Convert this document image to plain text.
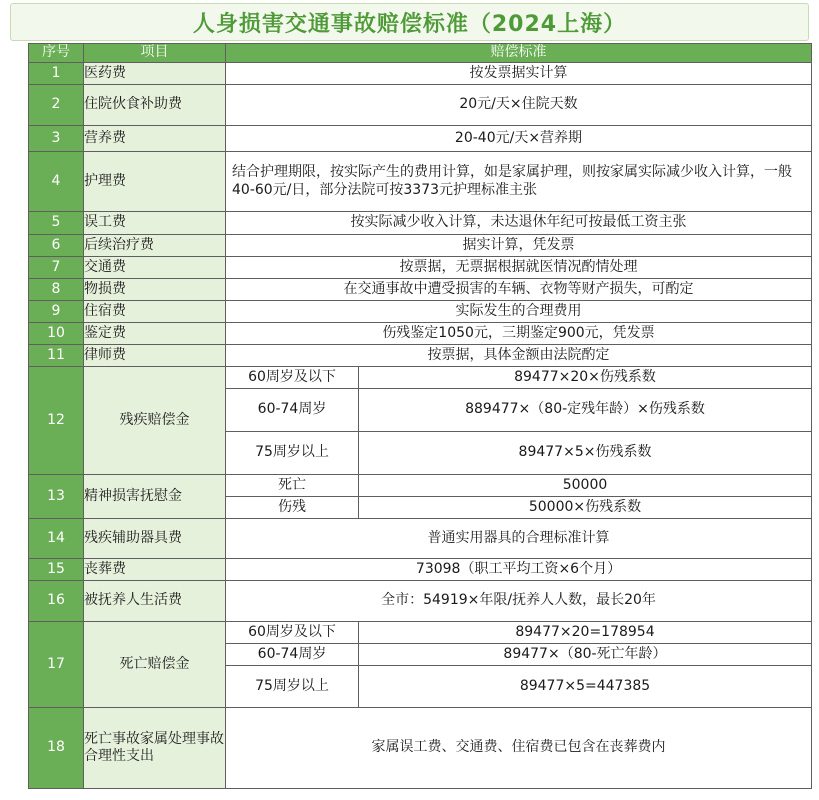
人身损害交通事故赔偿标准（2024上海）
序号	项目	赔偿标准	
1	医药费	按发票据实计算	
2	住院伙食补助费	20元/天×住院天数	
3	营养费	20-40元/天×营养期	
4	护理费	结合护理期限，按实际产生的费用计算，如是家属护理，则按家属实际减少收入计算，一般40-60元/日，部分法院可按3373元护理标准主张	
5	误工费	按实际减少收入计算，未达退休年纪可按最低工资主张	
6	后续治疗费	据实计算，凭发票	
7	交通费	按票据，无票据根据就医情况酌情处理	
8	物损费	在交通事故中遭受损害的车辆、衣物等财产损失，可酌定	
9	住宿费	实际发生的合理费用	
10	鉴定费	伤残鉴定1050元，三期鉴定900元，凭发票	
11	律师费	按票据，具体金额由法院酌定	
12	残疾赔偿金	60周岁及以下	89477×20×伤残系数
		60-74周岁	889477×（80-定残年龄）×伤残系数
		75周岁以上	89477×5×伤残系数
13	精神损害抚慰金	死亡	50000
		伤残	50000×伤残系数
14	残疾辅助器具费	普通实用器具的合理标准计算	
15	丧葬费	73098（职工平均工资×6个月）	
16	被抚养人生活费	全市：54919×年限/抚养人人数，最长20年	
17	死亡赔偿金	60周岁及以下	89477×20=178954
		60-74周岁	89477×（80-死亡年龄）
		75周岁以上	89477×5=447385
18	死亡事故家属处理事故合理性支出	家属误工费、交通费、住宿费已包含在丧葬费内	
